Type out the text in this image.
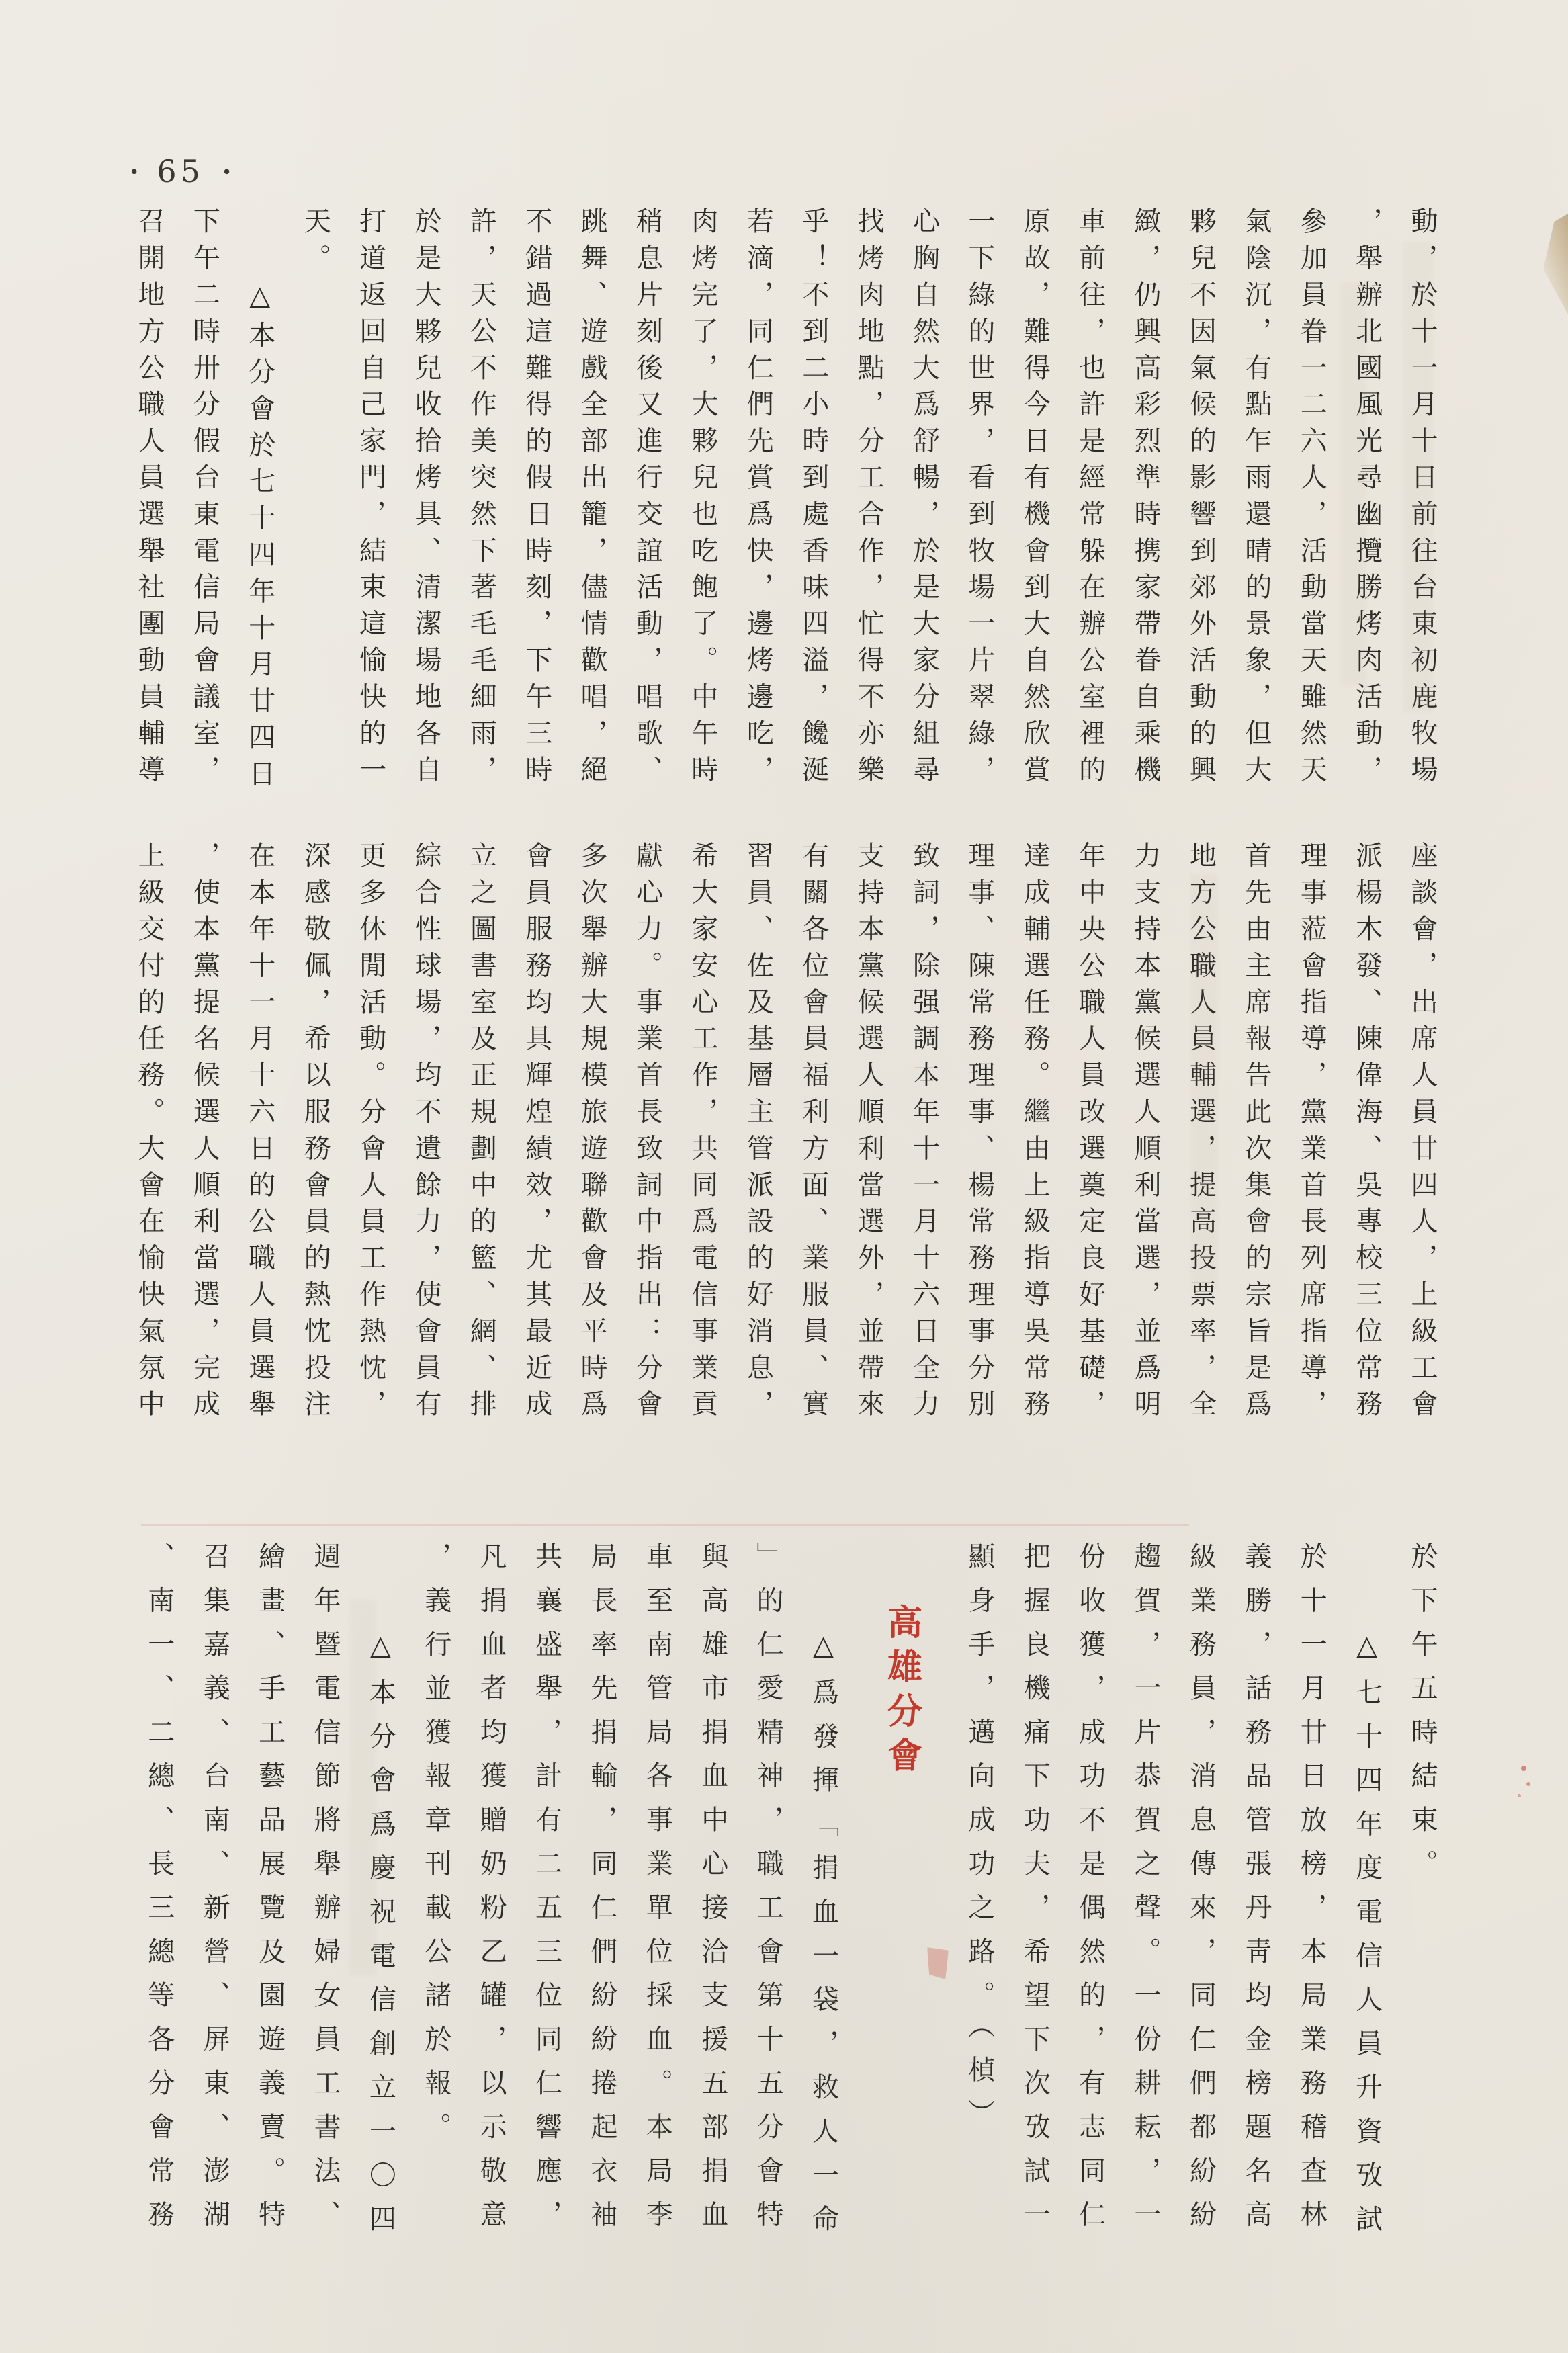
• 65 •
動，於十一月十日前往台東初鹿牧場
，舉辦北國風光尋幽攬勝烤肉活動，
參加員眷一二六人，活動當天雖然天
氣陰沉，有點乍雨還晴的景象，但大
夥兒不因氣候的影響到郊外活動的興
緻，仍興高彩烈準時携家帶眷自乘機
車前往，也許是經常躲在辦公室裡的
原故，難得今日有機會到大自然欣賞
一下綠的世界，看到牧場一片翠綠，
心胸自然大爲舒暢，於是大家分組尋
找烤肉地點，分工合作，忙得不亦樂
乎！不到二小時到處香味四溢，饞涎
若滴，同仁們先賞爲快，邊烤邊吃，
肉烤完了，大夥兒也吃飽了。中午時
稍息片刻後又進行交誼活動，唱歌、
跳舞、遊戲全部出籠，儘情歡唱，絕
不錯過這難得的假日時刻，下午三時
許，天公不作美突然下著毛毛細雨，
於是大夥兒收拾烤具、清潔場地各自
打道返回自己家門，結束這愉快的一
天。
△本分會於七十四年十月廿四日
下午二時卅分假台東電信局會議室，
召開地方公職人員選舉社團動員輔導
座談會，出席人員廿四人，上級工會
派楊木發、陳偉海、吳專校三位常務
理事蒞會指導，黨業首長列席指導，
首先由主席報告此次集會的宗旨是爲
地方公職人員輔選，提高投票率，全
力支持本黨候選人順利當選，並爲明
年中央公職人員改選奠定良好基礎，
達成輔選任務。繼由上級指導吳常務
理事、陳常務理事、楊常務理事分別
致詞，除强調本年十一月十六日全力
支持本黨候選人順利當選外，並帶來
有關各位會員福利方面、業服員、實
習員、佐及基層主管派設的好消息，
希大家安心工作，共同爲電信事業貢
獻心力。事業首長致詞中指出：分會
多次舉辦大規模旅遊聯歡會及平時爲
會員服務均具輝煌績效，尤其最近成
立之圖書室及正規劃中的籃、網、排
綜合性球場，均不遺餘力，使會員有
更多休閒活動。分會人員工作熱忱，
深感敬佩，希以服務會員的熱忱投注
在本年十一月十六日的公職人員選舉
，使本黨提名候選人順利當選，完成
上級交付的任務。大會在愉快氣氛中
於下午五時結束。
△七十四年度電信人員升資攷試
於十一月廿日放榜，本局業務稽查林
義勝，話務品管張丹靑均金榜題名高
級業務員，消息傳來，同仁們都紛紛
趨賀，一片恭賀之聲。一份耕耘，一
份收獲，成功不是偶然的，有志同仁
把握良機痛下功夫，希望下次攷試一
顯身手，邁向成功之路。（楨）
高雄分會
△爲發揮「捐血一袋，救人一命
」的仁愛精神，職工會第十五分會特
與高雄市捐血中心接洽支援五部捐血
車至南管局各事業單位採血。本局李
局長率先捐輸，同仁們紛紛捲起衣袖
共襄盛舉，計有二五三位同仁響應，
凡捐血者均獲贈奶粉乙罐，以示敬意
，義行並獲報章刊載公諸於報。
△本分會爲慶祝電信創立一〇四
週年暨電信節將舉辦婦女員工書法、
繪畫、手工藝品展覽及園遊義賣。特
召集嘉義、台南、新營、屏東、澎湖
、南一、二總、長三總等各分會常務
